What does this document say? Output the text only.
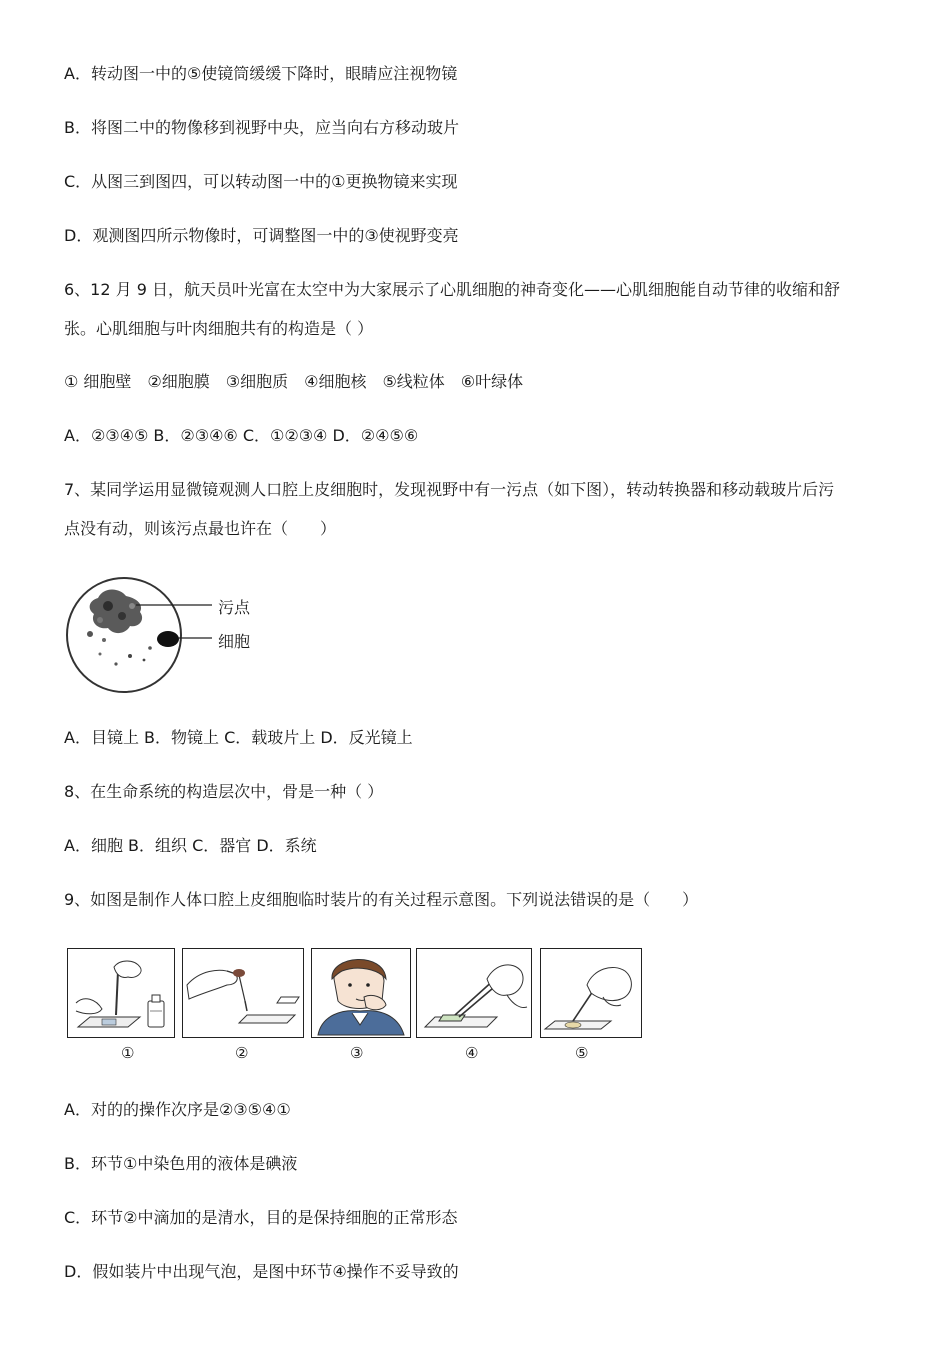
A．转动图一中的⑤使镜筒缓缓下降时，眼睛应注视物镜
B．将图二中的物像移到视野中央，应当向右方移动玻片
C．从图三到图四，可以转动图一中的①更换物镜来实现
D．观测图四所示物像时，可调整图一中的③使视野变亮
6、12 月 9 日，航天员叶光富在太空中为大家展示了心肌细胞的神奇变化——心肌细胞能自动节律的收缩和舒
张。心肌细胞与叶肉细胞共有的构造是（ ）
① 细胞壁　②细胞膜　③细胞质　④细胞核　⑤线粒体　⑥叶绿体
A．②③④⑤ B．②③④⑥ C．①②③④ D．②④⑤⑥
7、某同学运用显微镜观测人口腔上皮细胞时，发现视野中有一污点（如下图），转动转换器和移动载玻片后污
点没有动，则该污点最也许在（　　）
污点
细胞
A．目镜上 B．物镜上 C．载玻片上 D．反光镜上
8、在生命系统的构造层次中，骨是一种（ ）
A．细胞 B．组织 C．器官 D．系统
9、如图是制作人体口腔上皮细胞临时装片的有关过程示意图。下列说法错误的是（　　）
①	②	③	④	⑤
A．对的的操作次序是②③⑤④①
B．环节①中染色用的液体是碘液
C．环节②中滴加的是清水，目的是保持细胞的正常形态
D．假如装片中出现气泡，是图中环节④操作不妥导致的
